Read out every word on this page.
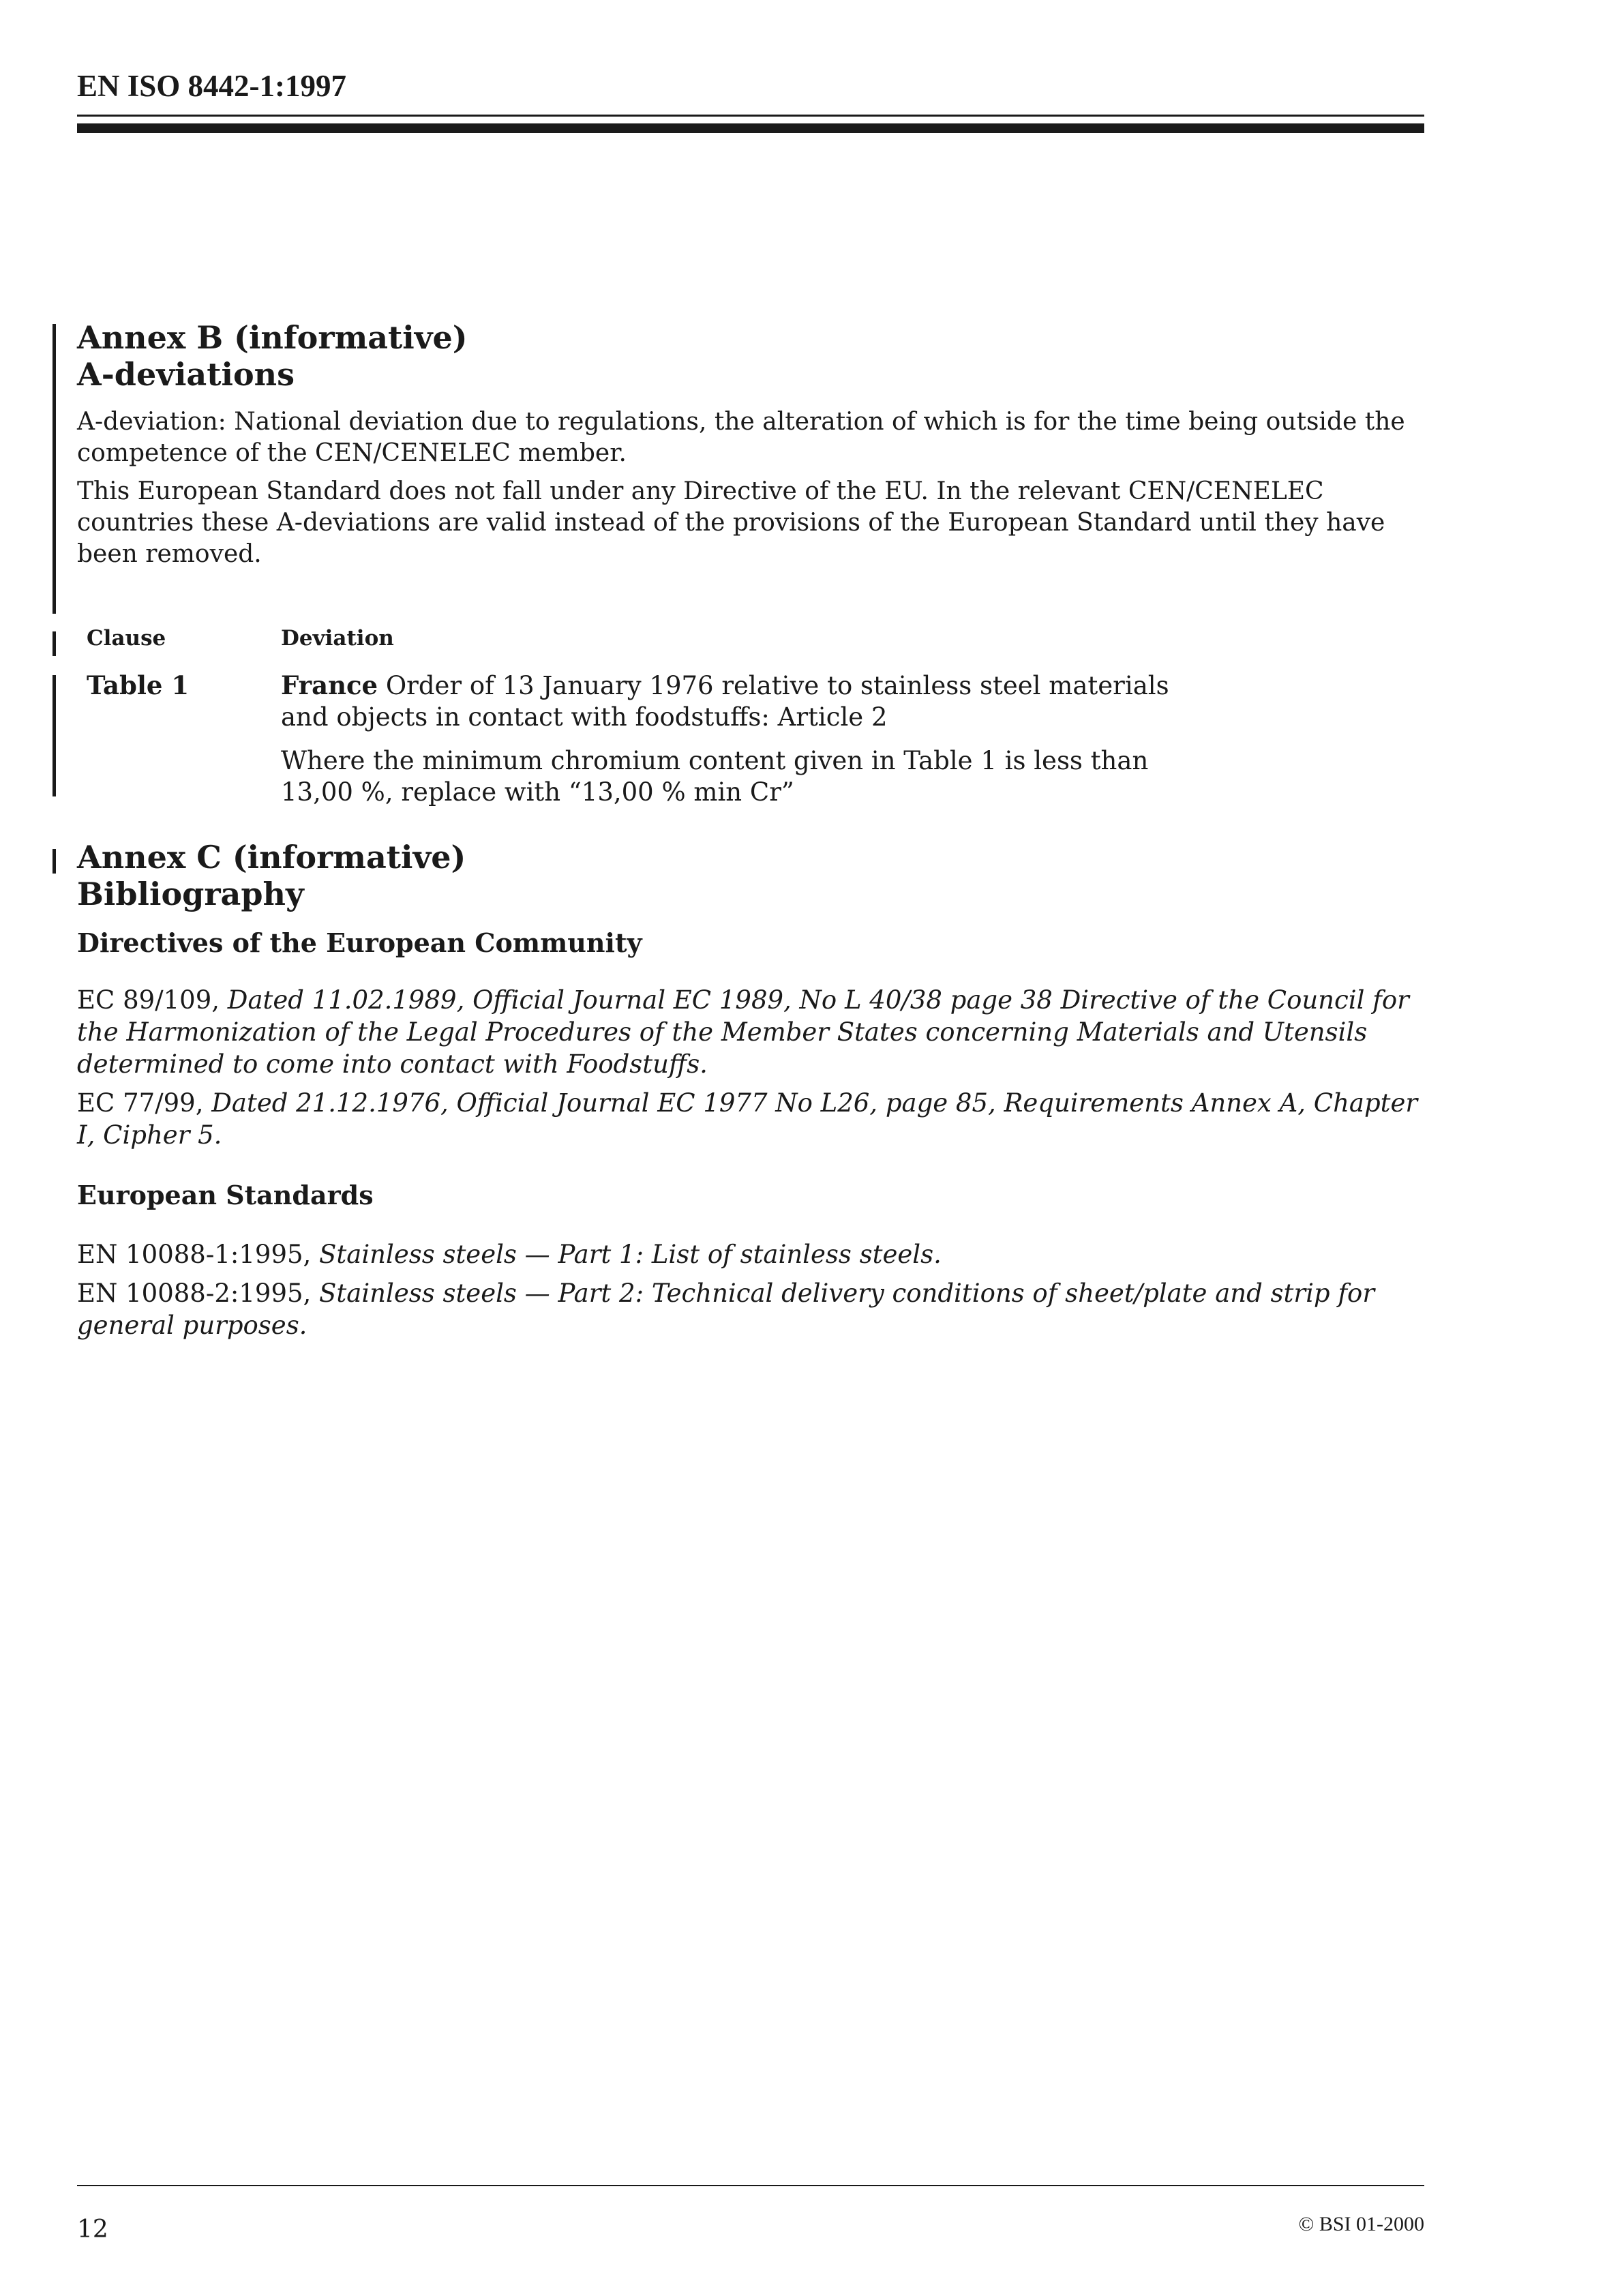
EN ISO 8442-1:1997
Annex B (informative)
A-deviations
A-deviation: National deviation due to regulations, the alteration of which is for the time being outside the competence of the CEN/CENELEC member.
This European Standard does not fall under any Directive of the EU. In the relevant CEN/CENELEC countries these A-deviations are valid instead of the provisions of the European Standard until they have been removed.
Clause	Deviation
Table 1	France Order of 13 January 1976 relative to stainless steel materials and objects in contact with foodstuffs: Article 2
Where the minimum chromium content given in Table 1 is less than 13,00 %, replace with “13,00 % min Cr”
Annex C (informative)
Bibliography
Directives of the European Community
EC 89/109, Dated 11.02.1989, Official Journal EC 1989, No L 40/38 page 38 Directive of the Council for the Harmonization of the Legal Procedures of the Member States concerning Materials and Utensils determined to come into contact with Foodstuffs.
EC 77/99, Dated 21.12.1976, Official Journal EC 1977 No L26, page 85, Requirements Annex A, Chapter I, Cipher 5.
European Standards
EN 10088-1:1995, Stainless steels — Part 1: List of stainless steels.
EN 10088-2:1995, Stainless steels — Part 2: Technical delivery conditions of sheet/plate and strip for general purposes.
12	© BSI 01-2000
